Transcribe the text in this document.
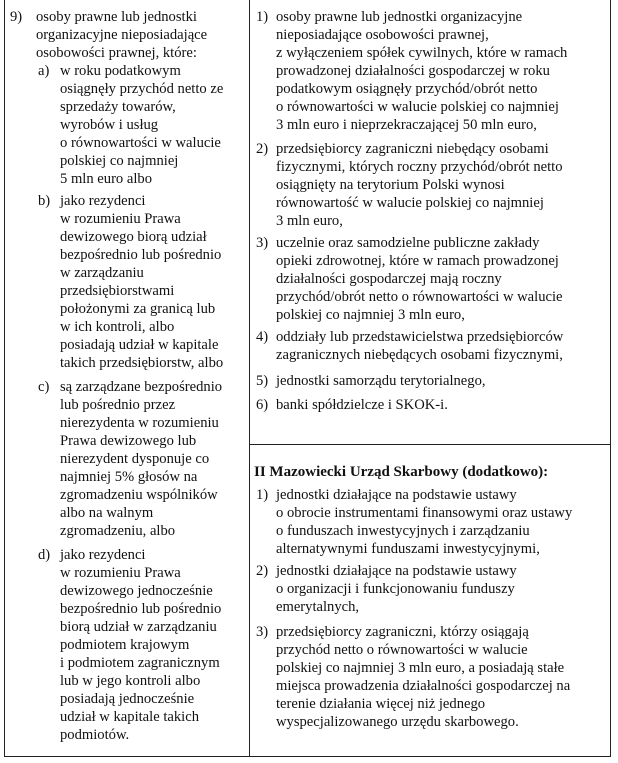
9) osoby prawne lub jednostki
organizacyjne nieposiadające
osobowości prawnej, które:
a) w roku podatkowym
osiągnęły przychód netto ze
sprzedaży towarów,
wyrobów i usług
o równowartości w walucie
polskiej co najmniej
5 mln euro albo
b) jako rezydenci
w rozumieniu Prawa
dewizowego biorą udział
bezpośrednio lub pośrednio
w zarządzaniu
przedsiębiorstwami
położonymi za granicą lub
w ich kontroli, albo
posiadają udział w kapitale
takich przedsiębiorstw, albo
c) są zarządzane bezpośrednio
lub pośrednio przez
nierezydenta w rozumieniu
Prawa dewizowego lub
nierezydent dysponuje co
najmniej 5% głosów na
zgromadzeniu wspólników
albo na walnym
zgromadzeniu, albo
d) jako rezydenci
w rozumieniu Prawa
dewizowego jednocześnie
bezpośrednio lub pośrednio
biorą udział w zarządzaniu
podmiotem krajowym
i podmiotem zagranicznym
lub w jego kontroli albo
posiadają jednocześnie
udział w kapitale takich
podmiotów.
1) osoby prawne lub jednostki organizacyjne
nieposiadające osobowości prawnej,
z wyłączeniem spółek cywilnych, które w ramach
prowadzonej działalności gospodarczej w roku
podatkowym osiągnęły przychód/obrót netto
o równowartości w walucie polskiej co najmniej
3 mln euro i nieprzekraczającej 50 mln euro,
2) przedsiębiorcy zagraniczni niebędący osobami
fizycznymi, których roczny przychód/obrót netto
osiągnięty na terytorium Polski wynosi
równowartość w walucie polskiej co najmniej
3 mln euro,
3) uczelnie oraz samodzielne publiczne zakłady
opieki zdrowotnej, które w ramach prowadzonej
działalności gospodarczej mają roczny
przychód/obrót netto o równowartości w walucie
polskiej co najmniej 3 mln euro,
4) oddziały lub przedstawicielstwa przedsiębiorców
zagranicznych niebędących osobami fizycznymi,
5) jednostki samorządu terytorialnego,
6) banki spółdzielcze i SKOK-i.
II Mazowiecki Urząd Skarbowy (dodatkowo):
1) jednostki działające na podstawie ustawy
o obrocie instrumentami finansowymi oraz ustawy
o funduszach inwestycyjnych i zarządzaniu
alternatywnymi funduszami inwestycyjnymi,
2) jednostki działające na podstawie ustawy
o organizacji i funkcjonowaniu funduszy
emerytalnych,
3) przedsiębiorcy zagraniczni, którzy osiągają
przychód netto o równowartości w walucie
polskiej co najmniej 3 mln euro, a posiadają stałe
miejsca prowadzenia działalności gospodarczej na
terenie działania więcej niż jednego
wyspecjalizowanego urzędu skarbowego.
